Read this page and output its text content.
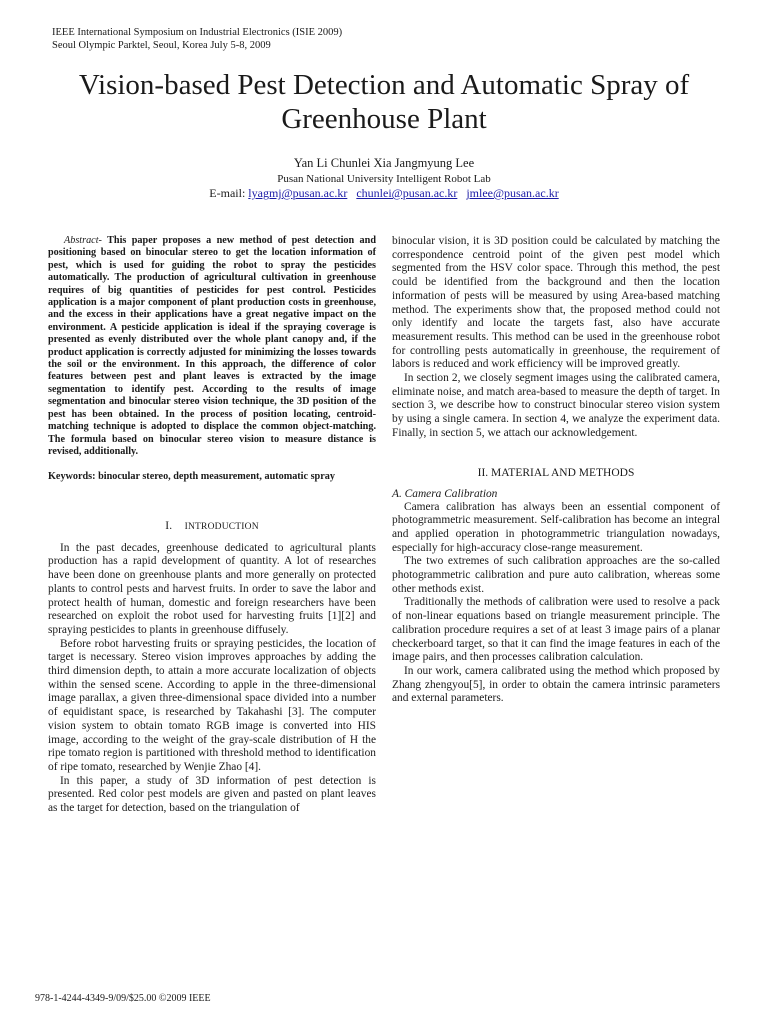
IEEE International Symposium on Industrial Electronics (ISIE 2009)
Seoul Olympic Parktel, Seoul, Korea July 5-8, 2009
Vision-based Pest Detection and Automatic Spray of Greenhouse Plant
Yan Li Chunlei Xia Jangmyung Lee
Pusan National University Intelligent Robot Lab
E-mail: lyagmj@pusan.ac.kr chunlei@pusan.ac.kr jmlee@pusan.ac.kr

Abstract- This paper proposes a new method of pest detection and positioning based on binocular stereo to get the location information of pest, which is used for guiding the robot to spray the pesticides automatically. The production of agricultural cultivation in greenhouse requires of big quantities of pesticides for pest control. Pesticides application is a major component of plant production costs in greenhouse, and the excess in their applications have a great negative impact on the environment. A pesticide application is ideal if the spraying coverage is presented as evenly distributed over the whole plant canopy and, if the product application is correctly adjusted for minimizing the losses towards the soil or the environment. In this approach, the difference of color features between pest and plant leaves is extracted by the image segmentation to identify pest. According to the results of image segmentation and binocular stereo vision technique, the 3D position of the pest has been obtained. In the process of position locating, centroid-matching technique is adopted to displace the common object-matching. The formula based on binocular stereo vision to measure distance is revised, additionally.

Keywords: binocular stereo, depth measurement, automatic spray

I. INTRODUCTION

In the past decades, greenhouse dedicated to agricultural plants production has a rapid development of quantity. A lot of researches have been done on greenhouse plants and more generally on protected plants to control pests and harvest fruits. In order to save the labor and protect health of human, domestic and foreign researchers have been researched on exploit the robot used for harvesting fruits [1][2] and spraying pesticides to plants in greenhouse diffusely.

Before robot harvesting fruits or spraying pesticides, the location of target is necessary. Stereo vision improves approaches by adding the third dimension depth, to attain a more accurate localization of objects within the sensed scene. According to apple in the three-dimensional image parallax, a given three-dimensional space divided into a number of equidistant space, is researched by Takahashi [3]. The computer vision system to obtain tomato RGB image is converted into HIS image, according to the weight of the gray-scale distribution of H the ripe tomato region is partitioned with threshold method to identification of ripe tomato, researched by Wenjie Zhao [4].

In this paper, a study of 3D information of pest detection is presented. Red color pest models are given and pasted on plant leaves as the target for detection, based on the triangulation of

binocular vision, it is 3D position could be calculated by matching the correspondence centroid point of the given pest model which segmented from the HSV color space. Through this method, the pest could be identified from the background and then the location information of pests will be measured by using Area-based matching method. The experiments show that, the proposed method could not only identify and locate the targets fast, also have accurate measurement results. This method can be used in the greenhouse robot for controlling pests automatically in greenhouse, the requirement of labors is reduced and work efficiency will be improved greatly.

In section 2, we closely segment images using the calibrated camera, eliminate noise, and match area-based to measure the depth of target. In section 3, we describe how to construct binocular stereo vision system by using a single camera. In section 4, we analyze the experiment data. Finally, in section 5, we attach our acknowledgement.

II. MATERIAL AND METHODS

A. Camera Calibration

Camera calibration has always been an essential component of photogrammetric measurement. Self-calibration has become an integral and applied operation in photogrammetric triangulation nowadays, especially for high-accuracy close-range measurement.

The two extremes of such calibration approaches are the so-called photogrammetric calibration and pure auto calibration, whereas some other methods exist.

Traditionally the methods of calibration were used to resolve a pack of non-linear equations based on triangle measurement principle. The calibration procedure requires a set of at least 3 image pairs of a planar checkerboard target, so that it can find the image features in each of the image pairs, and then processes calibration calculation.

In our work, camera calibrated using the method which proposed by Zhang zhengyou[5], in order to obtain the camera intrinsic parameters and external parameters.

978-1-4244-4349-9/09/$25.00 ©2009 IEEE
